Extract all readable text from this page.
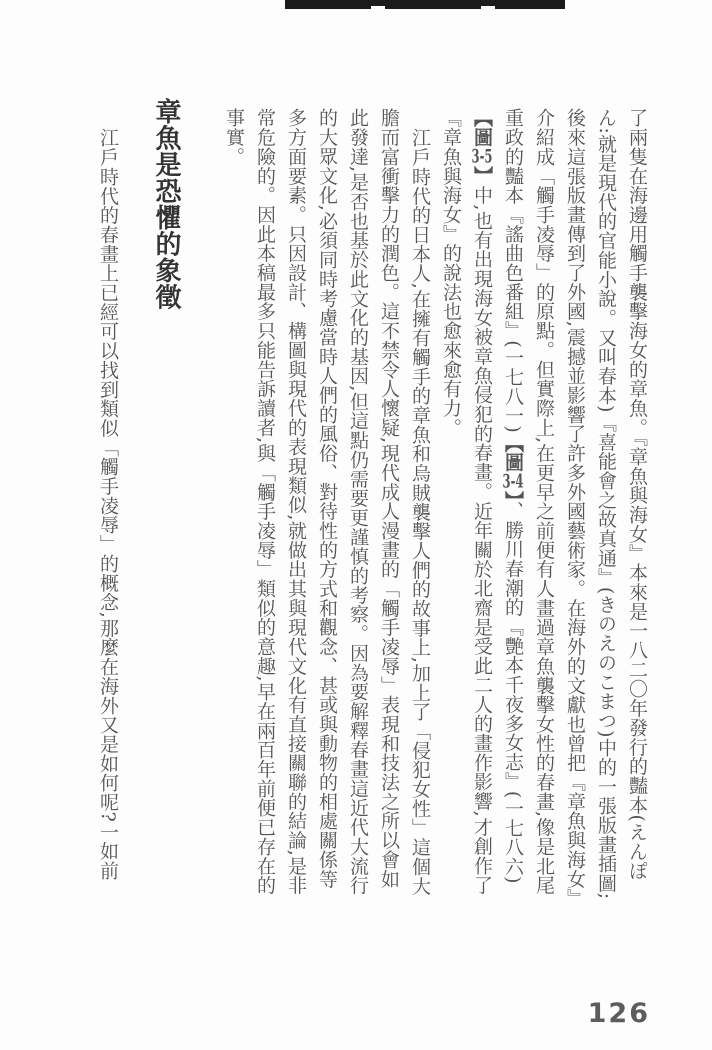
了兩隻在海邊用觸手襲擊海女的章魚。『章魚與海女』本來是一八二〇年發行的豔本(えんぽん:就是現代的官能小說。又叫春本)『喜能會之故真通』(きのえのこまつ)中的一張版畫插圖;後來這張版畫傳到了外國,震撼並影響了許多外國藝術家。在海外的文獻也曾把『章魚與海女』介紹成「觸手凌辱」的原點。但實際上,在更早之前便有人畫過章魚襲擊女性的春畫,像是北尾重政的豔本『謠曲色番組』(一七八一)【圖3-4】、勝川春潮的『艷本千夜多女志』(一七八六)【圖3-5】中,也有出現海女被章魚侵犯的春畫。近年關於北齋是受此二人的畫作影響,才創作了『章魚與海女』的說法也愈來愈有力。

江戶時代的日本人,在擁有觸手的章魚和烏賊襲擊人們的故事上,加上了「侵犯女性」這個大膽而富衝擊力的潤色。這不禁令人懷疑,現代成人漫畫的「觸手凌辱」表現和技法之所以會如此發達,是否也基於此文化的基因,但這點仍需要更謹慎的考察。因為要解釋春畫這近代大流行的大眾文化,必須同時考慮當時人們的風俗、對待性的方式和觀念、甚或與動物的相處關係等多方面要素。只因設計、構圖與現代的表現類似,就做出其與現代文化有直接關聯的結論,是非常危險的。因此本稿最多只能告訴讀者,與「觸手凌辱」類似的意趣,早在兩百年前便已存在的事實。

章魚是恐懼的象徵

江戶時代的春畫上已經可以找到類似「觸手凌辱」的概念,那麼在海外又是如何呢?一如前

126
